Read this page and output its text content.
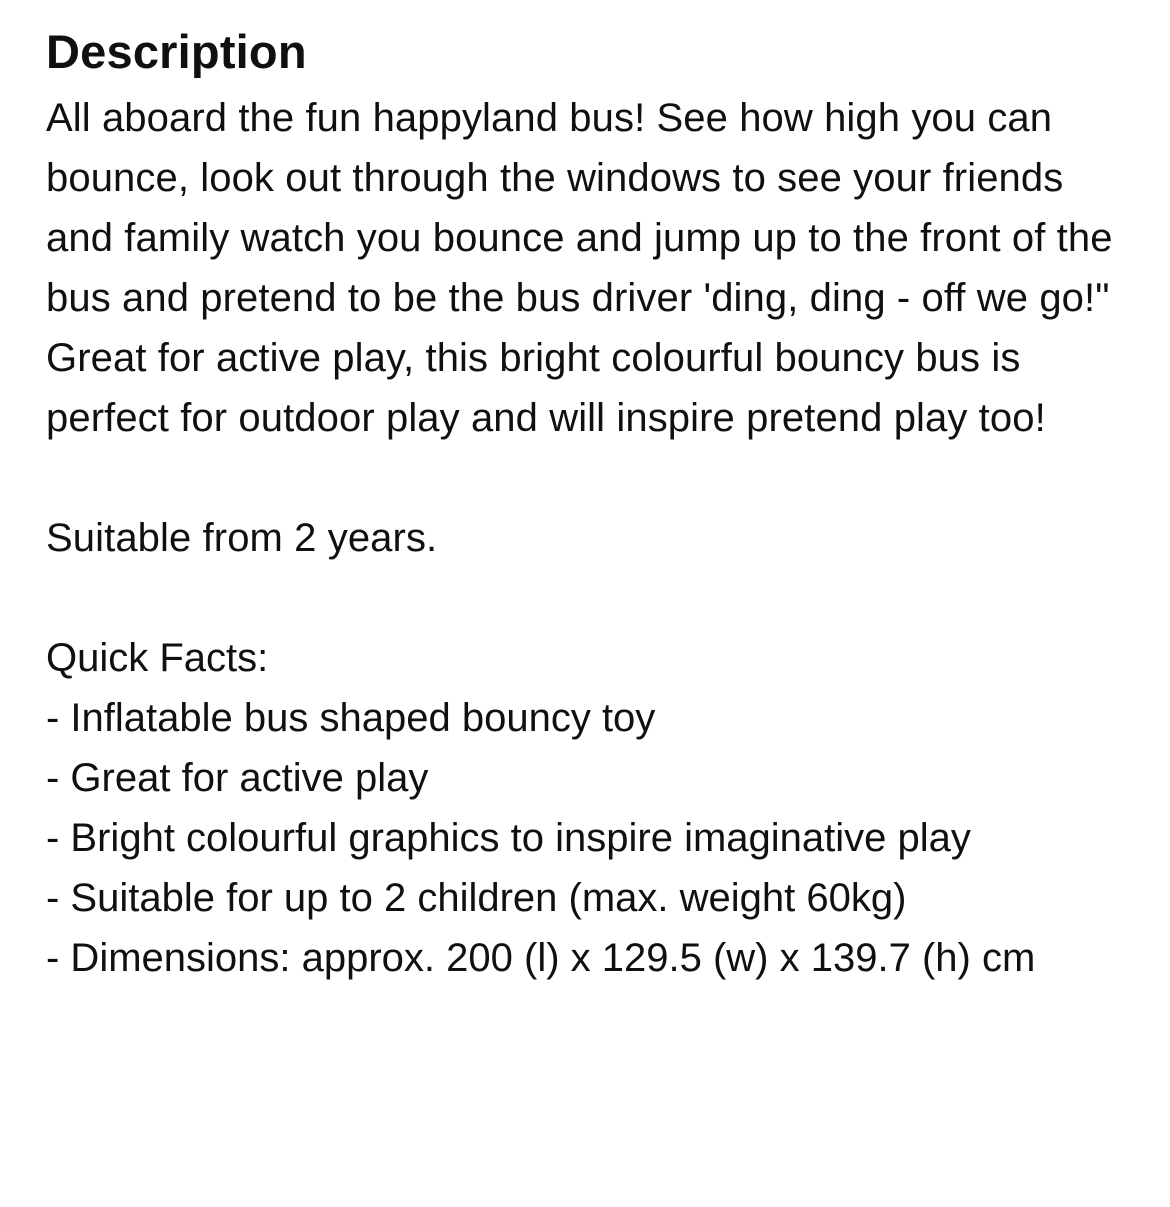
Description

All aboard the fun happyland bus! See how high you can bounce, look out through the windows to see your friends and family watch you bounce and jump up to the front of the bus and pretend to be the bus driver 'ding, ding - off we go!" Great for active play, this bright colourful bouncy bus is perfect for outdoor play and will inspire pretend play too!

Suitable from 2 years.

Quick Facts:

- Inflatable bus shaped bouncy toy
- Great for active play
- Bright colourful graphics to inspire imaginative play
- Suitable for up to 2 children (max. weight 60kg)
- Dimensions: approx. 200 (l) x 129.5 (w) x 139.7 (h) cm
